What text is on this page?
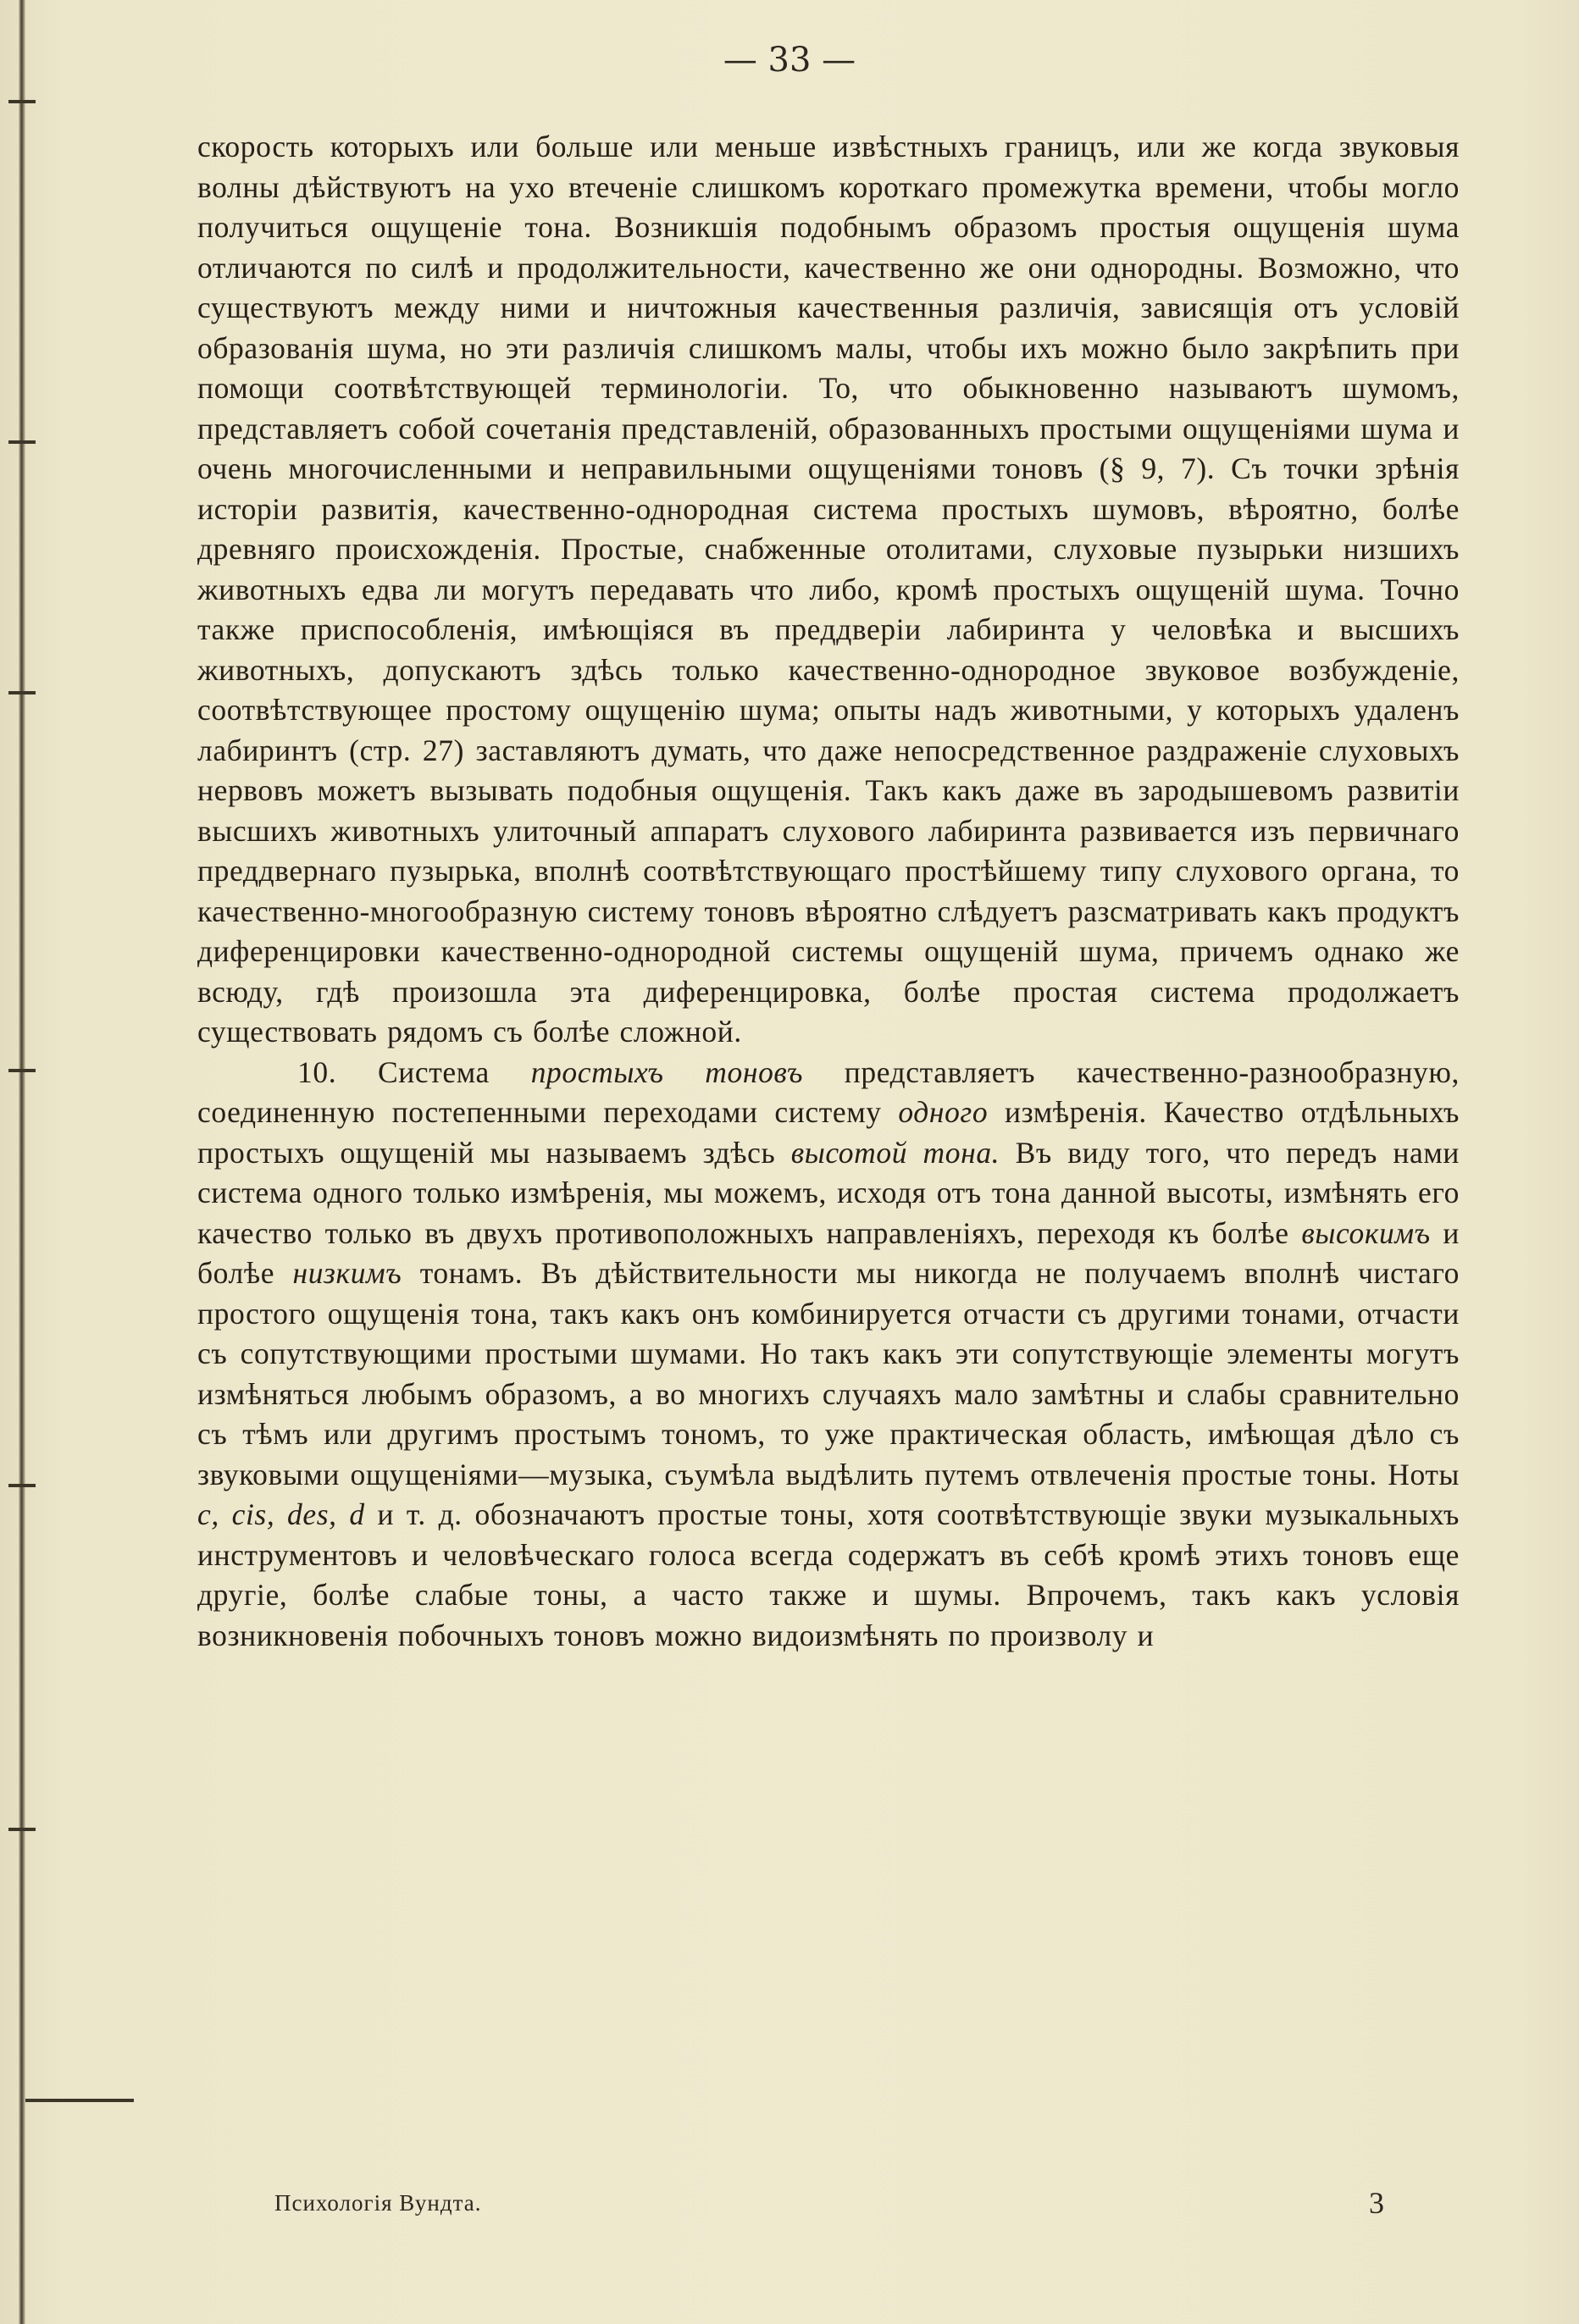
— 33 —

скорость которыхъ или больше или меньше извѣстныхъ границъ, или же когда звуковыя волны дѣйствуютъ на ухо втеченіе слишкомъ короткаго промежутка времени, чтобы могло получиться ощущеніе тона. Возникшія подобнымъ образомъ простыя ощущенія шума отличаются по силѣ и продолжительности, качественно же они однородны. Возможно, что существуютъ между ними и ничтожныя качественныя различія, зависящія отъ условій образованія шума, но эти различія слишкомъ малы, чтобы ихъ можно было закрѣпить при помощи соотвѣтствующей терминологіи. То, что обыкновенно называютъ шумомъ, представляетъ собой сочетанія представленій, образованныхъ простыми ощущеніями шума и очень многочисленными и неправильными ощущеніями тоновъ (§ 9, 7). Съ точки зрѣнія исторіи развитія, качественно-однородная система простыхъ шумовъ, вѣроятно, болѣе древняго происхожденія. Простые, снабженные отолитами, слуховые пузырьки низшихъ животныхъ едва ли могутъ передавать что либо, кромѣ простыхъ ощущеній шума. Точно также приспособленія, имѣющіяся въ преддверіи лабиринта у человѣка и высшихъ животныхъ, допускаютъ здѣсь только качественно-однородное звуковое возбужденіе, соотвѣтствующее простому ощущенію шума; опыты надъ животными, у которыхъ удаленъ лабиринтъ (стр. 27) заставляютъ думать, что даже непосредственное раздраженіе слуховыхъ нервовъ можетъ вызывать подобныя ощущенія. Такъ какъ даже въ зародышевомъ развитіи высшихъ животныхъ улиточный аппаратъ слухового лабиринта развивается изъ первичнаго преддвернаго пузырька, вполнѣ соотвѣтствующаго простѣйшему типу слухового органа, то качественно-многообразную систему тоновъ вѣроятно слѣдуетъ разсматривать какъ продуктъ диференцировки качественно-однородной системы ощущеній шума, причемъ однако же всюду, гдѣ произошла эта диференцировка, болѣе простая система продолжаетъ существовать рядомъ съ болѣе сложной.

10. Система простыхъ тоновъ представляетъ качественно-разнообразную, соединенную постепенными переходами систему одного измѣренія. Качество отдѣльныхъ простыхъ ощущеній мы называемъ здѣсь высотой тона. Въ виду того, что передъ нами система одного только измѣренія, мы можемъ, исходя отъ тона данной высоты, измѣнять его качество только въ двухъ противоположныхъ направленіяхъ, переходя къ болѣе высокимъ и болѣе низкимъ тонамъ. Въ дѣйствительности мы никогда не получаемъ вполнѣ чистаго простого ощущенія тона, такъ какъ онъ комбинируется отчасти съ другими тонами, отчасти съ сопутствующими простыми шумами. Но такъ какъ эти сопутствующіе элементы могутъ измѣняться любымъ образомъ, а во многихъ случаяхъ мало замѣтны и слабы сравнительно съ тѣмъ или другимъ простымъ тономъ, то уже практическая область, имѣющая дѣло съ звуковыми ощущеніями—музыка, съумѣла выдѣлить путемъ отвлеченія простые тоны. Ноты c, cis, des, d и т. д. обозначаютъ простые тоны, хотя соотвѣтствующіе звуки музыкальныхъ инструментовъ и человѣческаго голоса всегда содержатъ въ себѣ кромѣ этихъ тоновъ еще другіе, болѣе слабые тоны, а часто также и шумы. Впрочемъ, такъ какъ условія возникновенія побочныхъ тоновъ можно видоизмѣнять по произволу и

Психологія Вундта.	3
